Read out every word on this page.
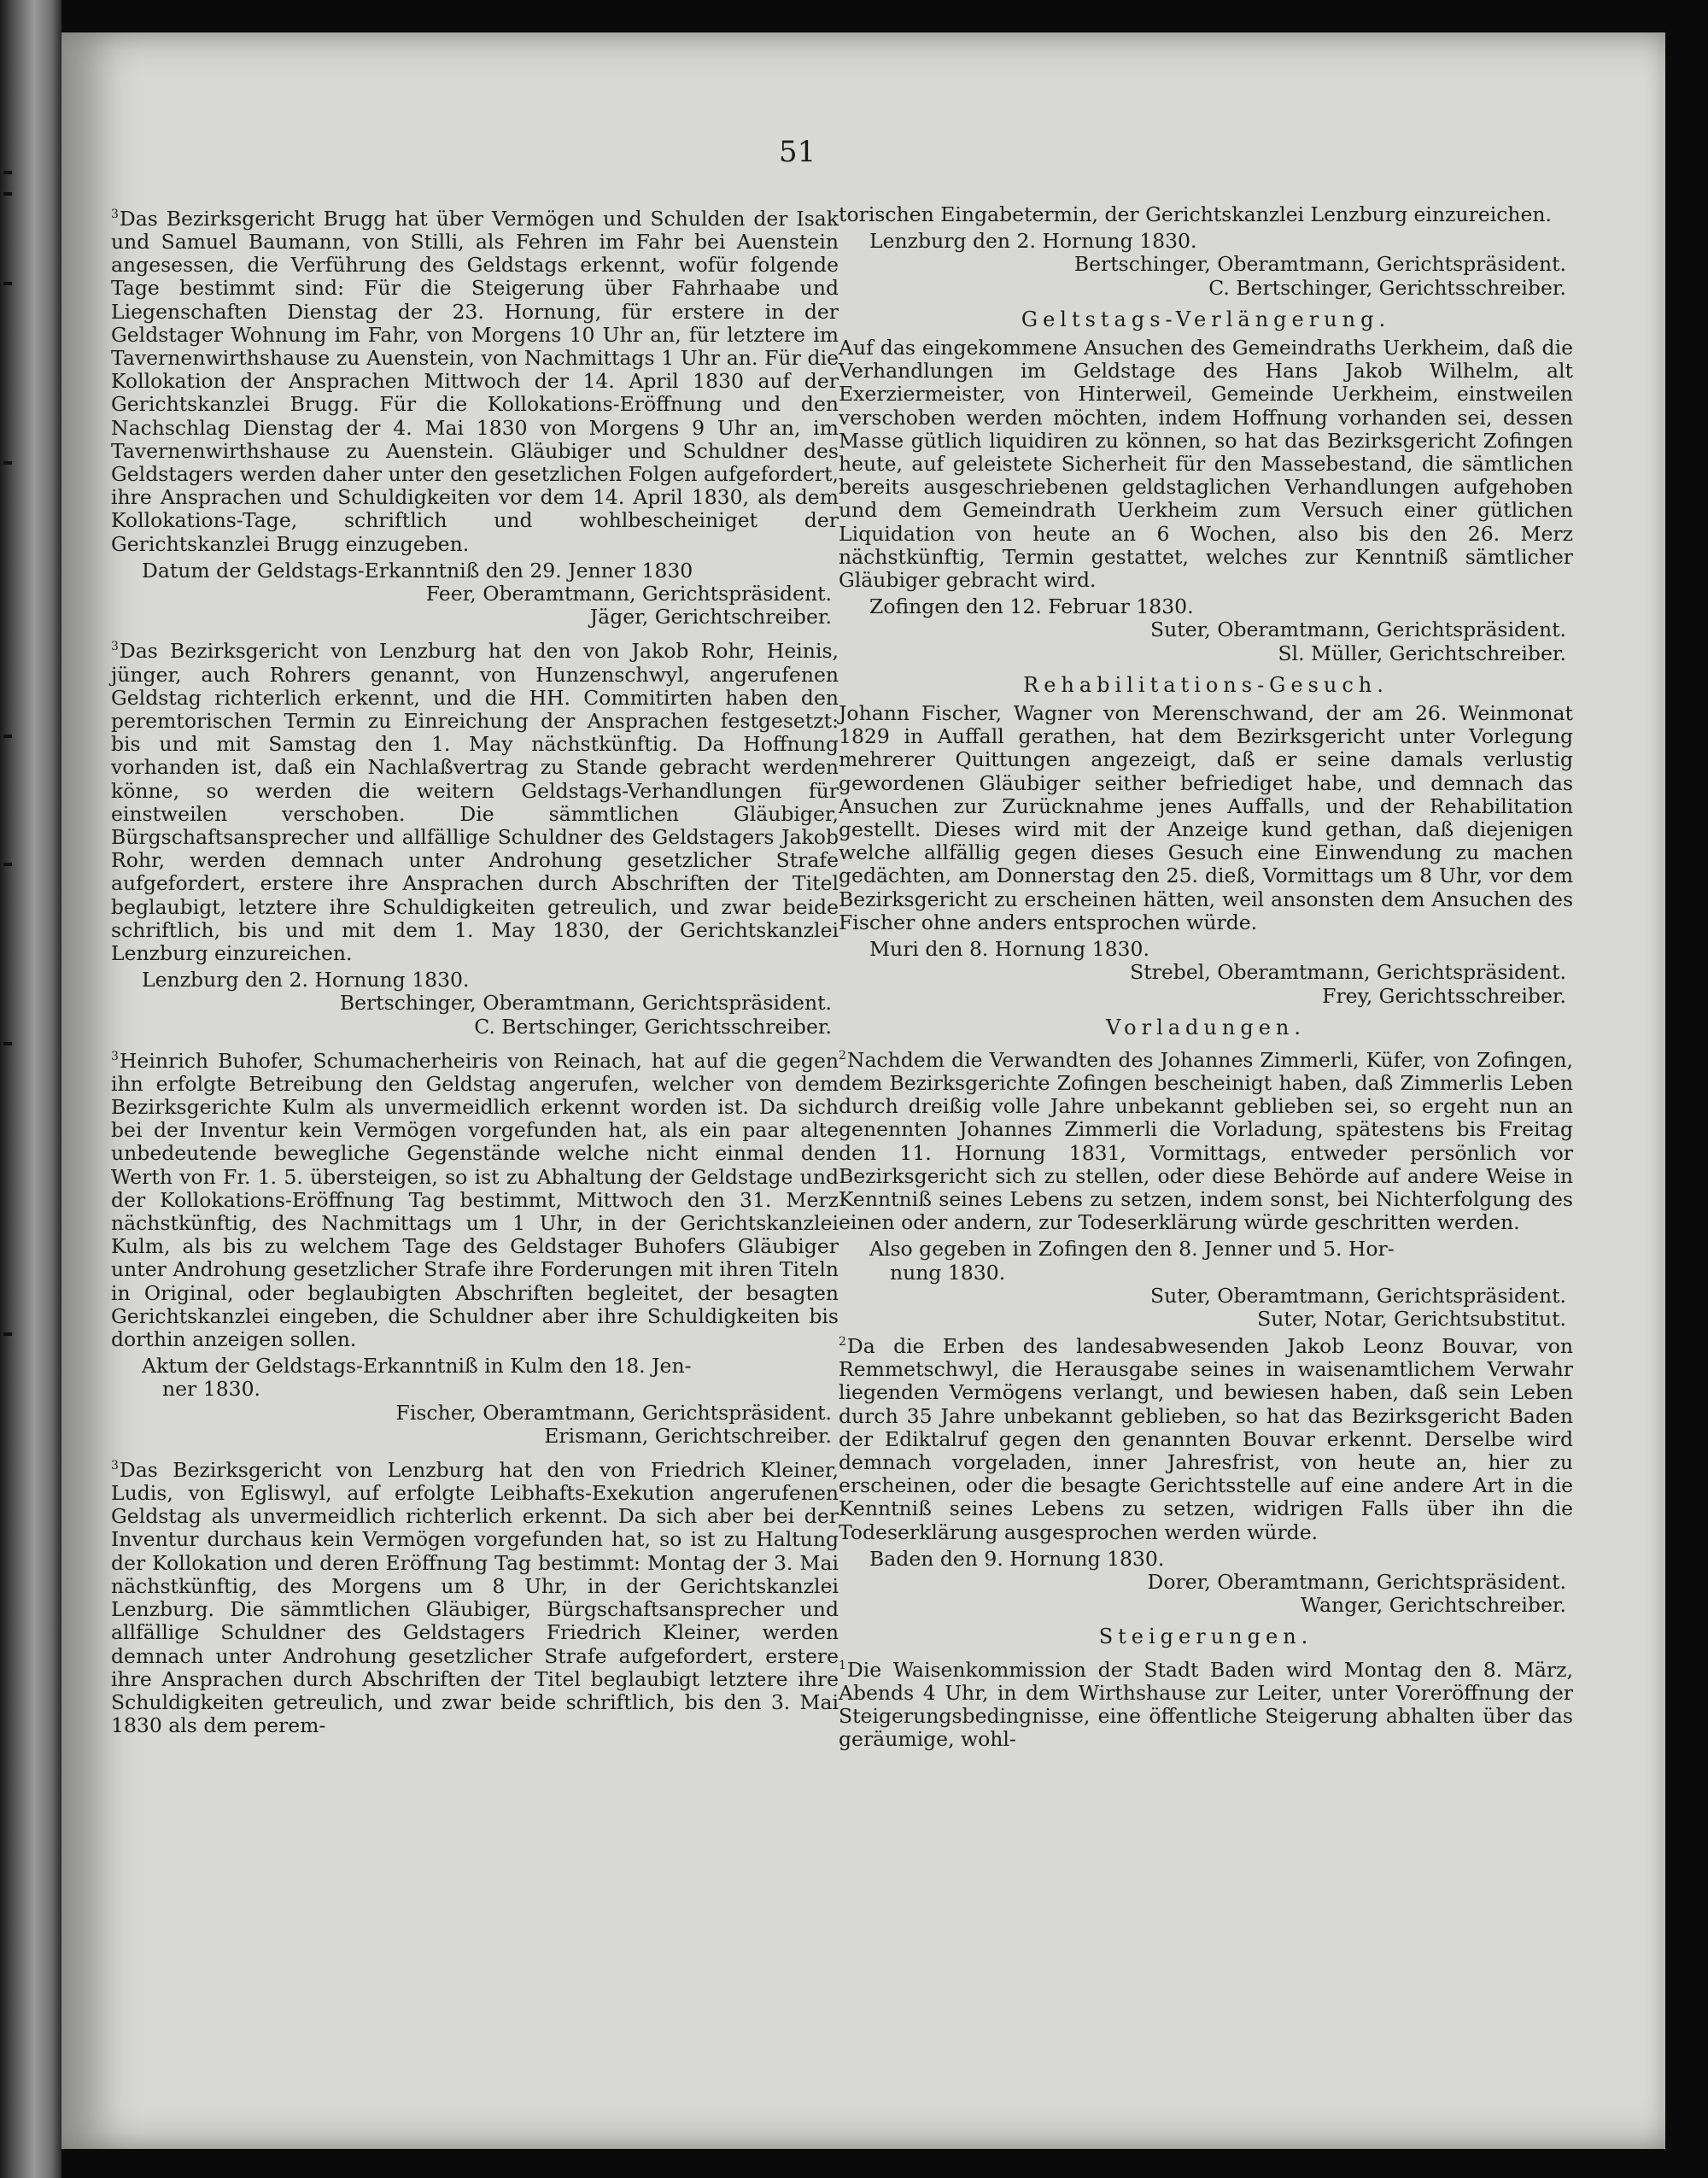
51
$^3$Das Bezirksgericht Brugg hat über Vermögen und Schulden der Isak und Samuel Baumann, von Stilli, als Fehren im Fahr bei Auenstein angesessen, die Verführung des Geldstags erkennt, wofür folgende Tage bestimmt sind: Für die Steigerung über Fahrhaabe und Liegenschaften Dienstag der 23. Hornung, für erstere in der Geldstager Wohnung im Fahr, von Morgens 10 Uhr an, für letztere im Tavernenwirthshause zu Auenstein, von Nachmittags 1 Uhr an. Für die Kollokation der Ansprachen Mittwoch der 14. April 1830 auf der Gerichtskanzlei Brugg. Für die Kollokations-Eröffnung und den Nachschlag Dienstag der 4. Mai 1830 von Morgens 9 Uhr an, im Tavernenwirthshause zu Auenstein. Gläubiger und Schuldner des Geldstagers werden daher unter den gesetzlichen Folgen aufgefordert, ihre Ansprachen und Schuldigkeiten vor dem 14. April 1830, als dem Kollokations-Tage, schriftlich und wohlbescheiniget der Gerichtskanzlei Brugg einzugeben.

Datum der Geldstags-Erkanntniß den 29. Jenner 1830

Feer, Oberamtmann, Gerichtspräsident.

Jäger, Gerichtschreiber.

$^3$Das Bezirksgericht von Lenzburg hat den von Jakob Rohr, Heinis, jünger, auch Rohrers genannt, von Hunzenschwyl, angerufenen Geldstag richterlich erkennt, und die HH. Commitirten haben den peremtorischen Termin zu Einreichung der Ansprachen festgesetzt: bis und mit Samstag den 1. May nächstkünftig. Da Hoffnung vorhanden ist, daß ein Nachlaßvertrag zu Stande gebracht werden könne, so werden die weitern Geldstags-Verhandlungen für einstweilen verschoben. Die sämmtlichen Gläubiger, Bürgschaftsansprecher und allfällige Schuldner des Geldstagers Jakob Rohr, werden demnach unter Androhung gesetzlicher Strafe aufgefordert, erstere ihre Ansprachen durch Abschriften der Titel beglaubigt, letztere ihre Schuldigkeiten getreulich, und zwar beide schriftlich, bis und mit dem 1. May 1830, der Gerichtskanzlei Lenzburg einzureichen.

Lenzburg den 2. Hornung 1830.

Bertschinger, Oberamtmann, Gerichtspräsident.

C. Bertschinger, Gerichtsschreiber.

$^3$Heinrich Buhofer, Schumacherheiris von Reinach, hat auf die gegen ihn erfolgte Betreibung den Geldstag angerufen, welcher von dem Bezirksgerichte Kulm als unvermeidlich erkennt worden ist. Da sich bei der Inventur kein Vermögen vorgefunden hat, als ein paar alte unbedeutende bewegliche Gegenstände welche nicht einmal den Werth von Fr. 1. 5. übersteigen, so ist zu Abhaltung der Geldstage und der Kollokations-Eröffnung Tag bestimmt, Mittwoch den 31. Merz nächstkünftig, des Nachmittags um 1 Uhr, in der Gerichtskanzlei Kulm, als bis zu welchem Tage des Geldstager Buhofers Gläubiger unter Androhung gesetzlicher Strafe ihre Forderungen mit ihren Titeln in Original, oder beglaubigten Abschriften begleitet, der besagten Gerichtskanzlei eingeben, die Schuldner aber ihre Schuldigkeiten bis dorthin anzeigen sollen.

Aktum der Geldstags-Erkanntniß in Kulm den 18. Jen-

ner 1830.

Fischer, Oberamtmann, Gerichtspräsident.

Erismann, Gerichtschreiber.

$^3$Das Bezirksgericht von Lenzburg hat den von Friedrich Kleiner, Ludis, von Egliswyl, auf erfolgte Leibhafts-Exekution angerufenen Geldstag als unvermeidlich richterlich erkennt. Da sich aber bei der Inventur durchaus kein Vermögen vorgefunden hat, so ist zu Haltung der Kollokation und deren Eröffnung Tag bestimmt: Montag der 3. Mai nächstkünftig, des Morgens um 8 Uhr, in der Gerichtskanzlei Lenzburg. Die sämmtlichen Gläubiger, Bürgschaftsansprecher und allfällige Schuldner des Geldstagers Friedrich Kleiner, werden demnach unter Androhung gesetzlicher Strafe aufgefordert, erstere ihre Ansprachen durch Abschriften der Titel beglaubigt letztere ihre Schuldigkeiten getreulich, und zwar beide schriftlich, bis den 3. Mai 1830 als dem perem-
torischen Eingabetermin, der Gerichtskanzlei Lenzburg einzureichen.

Lenzburg den 2. Hornung 1830.

Bertschinger, Oberamtmann, Gerichtspräsident.

C. Bertschinger, Gerichtsschreiber.

Geltstags-Verlängerung.
Auf das eingekommene Ansuchen des Gemeindraths Uerkheim, daß die Verhandlungen im Geldstage des Hans Jakob Wilhelm, alt Exerziermeister, von Hinterweil, Gemeinde Uerkheim, einstweilen verschoben werden möchten, indem Hoffnung vorhanden sei, dessen Masse gütlich liquidiren zu können, so hat das Bezirksgericht Zofingen heute, auf geleistete Sicherheit für den Massebestand, die sämtlichen bereits ausgeschriebenen geldstaglichen Verhandlungen aufgehoben und dem Gemeindrath Uerkheim zum Versuch einer gütlichen Liquidation von heute an 6 Wochen, also bis den 26. Merz nächstkünftig, Termin gestattet, welches zur Kenntniß sämtlicher Gläubiger gebracht wird.

Zofingen den 12. Februar 1830.

Suter, Oberamtmann, Gerichtspräsident.

Sl. Müller, Gerichtschreiber.

Rehabilitations-Gesuch.
Johann Fischer, Wagner von Merenschwand, der am 26. Weinmonat 1829 in Auffall gerathen, hat dem Bezirksgericht unter Vorlegung mehrerer Quittungen angezeigt, daß er seine damals verlustig gewordenen Gläubiger seither befriediget habe, und demnach das Ansuchen zur Zurücknahme jenes Auffalls, und der Rehabilitation gestellt. Dieses wird mit der Anzeige kund gethan, daß diejenigen welche allfällig gegen dieses Gesuch eine Einwendung zu machen gedächten, am Donnerstag den 25. dieß, Vormittags um 8 Uhr, vor dem Bezirksgericht zu erscheinen hätten, weil ansonsten dem Ansuchen des Fischer ohne anders entsprochen würde.

Muri den 8. Hornung 1830.

Strebel, Oberamtmann, Gerichtspräsident.

Frey, Gerichtsschreiber.

Vorladungen.
$^2$Nachdem die Verwandten des Johannes Zimmerli, Küfer, von Zofingen, dem Bezirksgerichte Zofingen bescheinigt haben, daß Zimmerlis Leben durch dreißig volle Jahre unbekannt geblieben sei, so ergeht nun an genennten Johannes Zimmerli die Vorladung, spätestens bis Freitag den 11. Hornung 1831, Vormittags, entweder persönlich vor Bezirksgericht sich zu stellen, oder diese Behörde auf andere Weise in Kenntniß seines Lebens zu setzen, indem sonst, bei Nichterfolgung des einen oder andern, zur Todeserklärung würde geschritten werden.

Also gegeben in Zofingen den 8. Jenner und 5. Hor-

nung 1830.

Suter, Oberamtmann, Gerichtspräsident.

Suter, Notar, Gerichtsubstitut.

$^2$Da die Erben des landesabwesenden Jakob Leonz Bouvar, von Remmetschwyl, die Herausgabe seines in waisenamtlichem Verwahr liegenden Vermögens verlangt, und bewiesen haben, daß sein Leben durch 35 Jahre unbekannt geblieben, so hat das Bezirksgericht Baden der Ediktalruf gegen den genannten Bouvar erkennt. Derselbe wird demnach vorgeladen, inner Jahresfrist, von heute an, hier zu erscheinen, oder die besagte Gerichtsstelle auf eine andere Art in die Kenntniß seines Lebens zu setzen, widrigen Falls über ihn die Todeserklärung ausgesprochen werden würde.

Baden den 9. Hornung 1830.

Dorer, Oberamtmann, Gerichtspräsident.

Wanger, Gerichtschreiber.

Steigerungen.
$^1$Die Waisenkommission der Stadt Baden wird Montag den 8. März, Abends 4 Uhr, in dem Wirthshause zur Leiter, unter Voreröffnung der Steigerungsbedingnisse, eine öffentliche Steigerung abhalten über das geräumige, wohl-
